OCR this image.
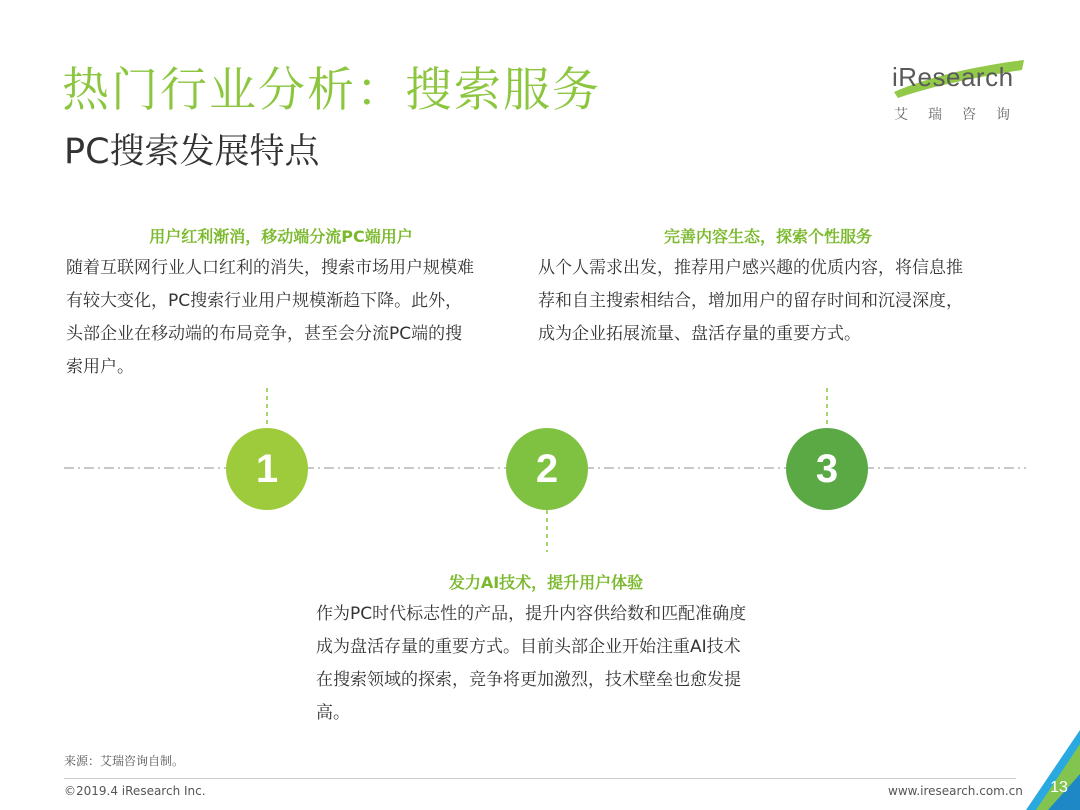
热门行业分析：搜索服务
PC搜索发展特点
iResearch
艾瑞咨询
1	2	3

用户红利渐消，移动端分流PC端用户

随着互联网行业人口红利的消失，搜索市场用户规模难
有较大变化，PC搜索行业用户规模渐趋下降。此外，
头部企业在移动端的布局竞争，甚至会分流PC端的搜
索用户。

完善内容生态，探索个性服务

从个人需求出发，推荐用户感兴趣的优质内容，将信息推
荐和自主搜索相结合，增加用户的留存时间和沉浸深度，
成为企业拓展流量、盘活存量的重要方式。

发力AI技术，提升用户体验

作为PC时代标志性的产品，提升内容供给数和匹配准确度
成为盘活存量的重要方式。目前头部企业开始注重AI技术
在搜索领域的探索，竞争将更加激烈，技术壁垒也愈发提
高。
来源：艾瑞咨询自制。
©2019.4 iResearch Inc.	www.iresearch.com.cn	13
